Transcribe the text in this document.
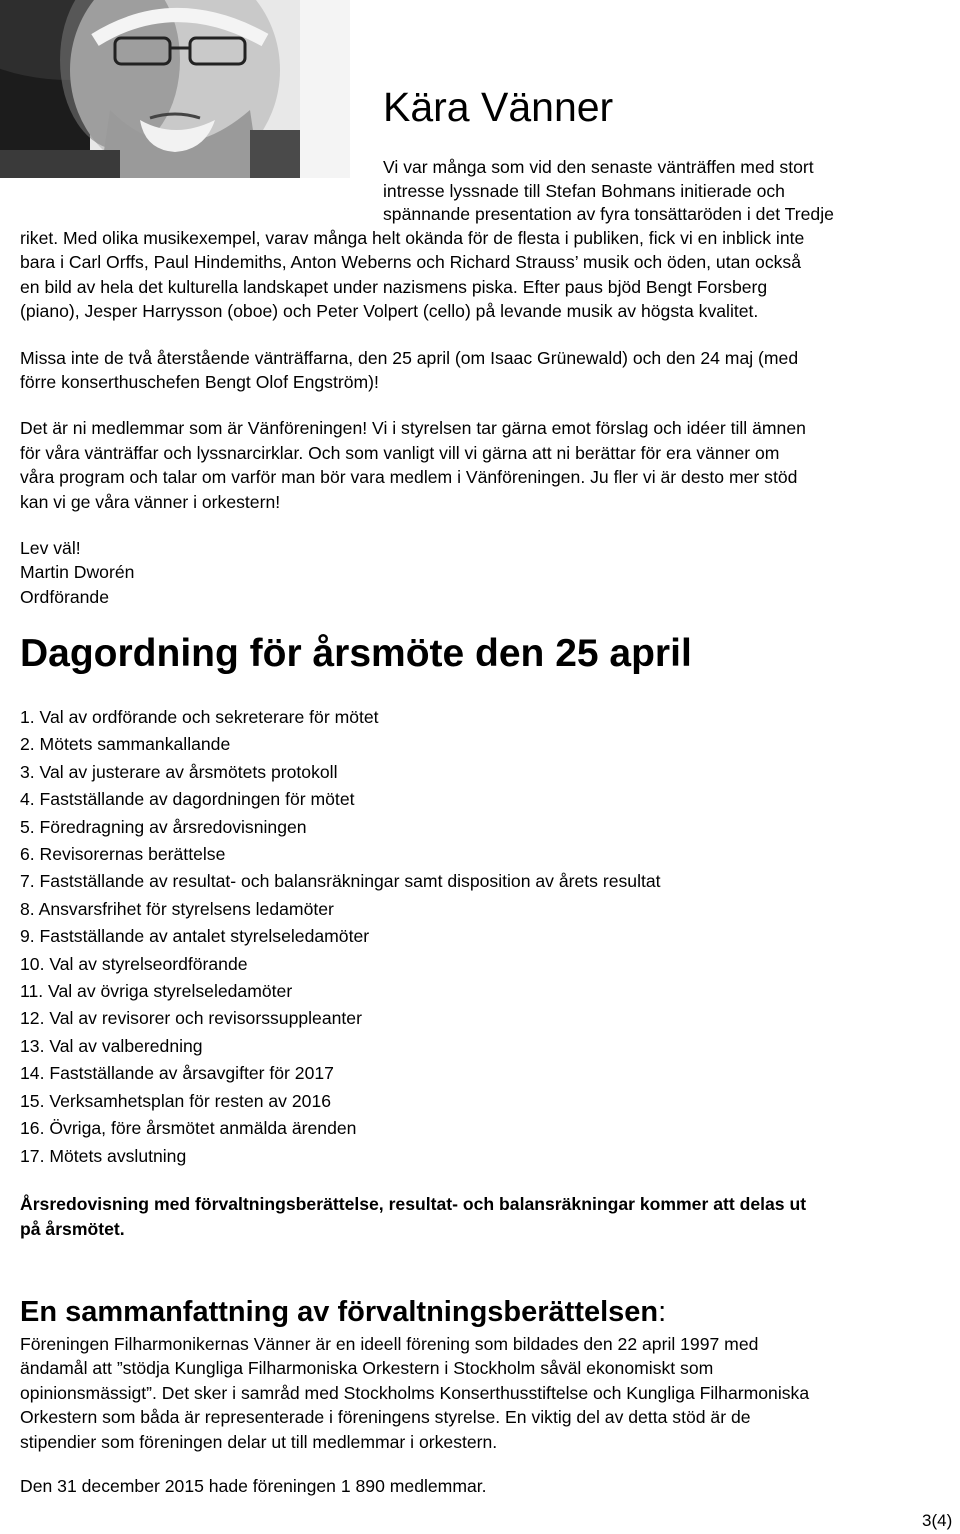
Kära Vänner
Vi var många som vid den senaste vänträffen med stort
intresse lyssnade till Stefan Bohmans initierade och
spännande presentation av fyra tonsättaröden i det Tredje

riket. Med olika musikexempel, varav många helt okända för de flesta i publiken, fick vi en inblick inte
bara i Carl Orffs, Paul Hindemiths, Anton Weberns och Richard Strauss’ musik och öden, utan också
en bild av hela det kulturella landskapet under nazismens piska. Efter paus bjöd Bengt Forsberg
(piano), Jesper Harrysson (oboe) och Peter Volpert (cello) på levande musik av högsta kvalitet.

Missa inte de två återstående vänträffarna, den 25 april (om Isaac Grünewald) och den 24 maj (med
förre konserthuschefen Bengt Olof Engström)!

Det är ni medlemmar som är Vänföreningen! Vi i styrelsen tar gärna emot förslag och idéer till ämnen
för våra vänträffar och lyssnarcirklar. Och som vanligt vill vi gärna att ni berättar för era vänner om
våra program och talar om varför man bör vara medlem i Vänföreningen. Ju fler vi är desto mer stöd
kan vi ge våra vänner i orkestern!

Lev väl!
Martin Dworén
Ordförande

Dagordning för årsmöte den 25 april
1. Val av ordförande och sekreterare för mötet
2. Mötets sammankallande
3. Val av justerare av årsmötets protokoll
4. Fastställande av dagordningen för mötet
5. Föredragning av årsredovisningen
6. Revisorernas berättelse
7. Fastställande av resultat- och balansräkningar samt disposition av årets resultat
8. Ansvarsfrihet för styrelsens ledamöter
9. Fastställande av antalet styrelseledamöter
10. Val av styrelseordförande
11. Val av övriga styrelseledamöter
12. Val av revisorer och revisorssuppleanter
13. Val av valberedning
14. Fastställande av årsavgifter för 2017
15. Verksamhetsplan för resten av 2016
16. Övriga, före årsmötet anmälda ärenden
17. Mötets avslutning
Årsredovisning med förvaltningsberättelse, resultat- och balansräkningar kommer att delas ut
på årsmötet.
En sammanfattning av förvaltningsberättelsen:
Föreningen Filharmonikernas Vänner är en ideell förening som bildades den 22 april 1997 med
ändamål att ”stödja Kungliga Filharmoniska Orkestern i Stockholm såväl ekonomiskt som
opinionsmässigt”. Det sker i samråd med Stockholms Konserthusstiftelse och Kungliga Filharmoniska
Orkestern som båda är representerade i föreningens styrelse. En viktig del av detta stöd är de
stipendier som föreningen delar ut till medlemmar i orkestern.
Den 31 december 2015 hade föreningen 1 890 medlemmar.
3(4)
